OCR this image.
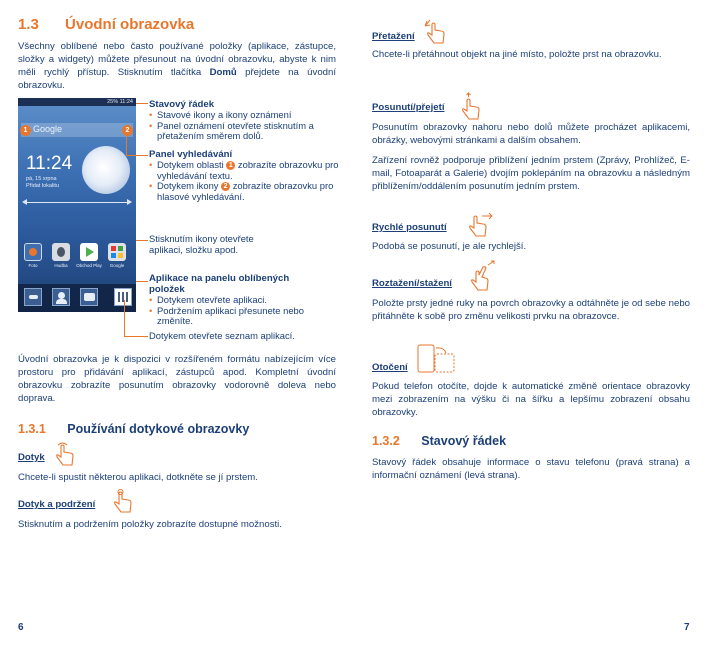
1.3 Úvodní obrazovka
Všechny oblíbené nebo často používané položky (aplikace, zástupce, složky a widgety) můžete přesunout na úvodní obrazovku, abyste k nim měli rychlý přístup. Stisknutím tlačítka Domů přejdete na úvodní obrazovku.
25% 11:24
Google
1	2
11:24
pá, 15 srpna
Přidat lokalitu
Foto	Hudba	Obchod Play	Google
Stavový řádek
• Stavové ikony a ikony oznámení
• Panel oznámení otevřete stisknutím a přetažením směrem dolů.
Panel vyhledávání
• Dotykem oblasti 1 zobrazíte obrazovku pro vyhledávání textu.
• Dotykem ikony 2 zobrazíte obrazovku pro hlasové vyhledávání.
Stisknutím ikony otevřete aplikaci, složku apod.
Aplikace na panelu oblíbených položek
• Dotykem otevřete aplikaci.
• Podržením aplikaci přesunete nebo změníte.
Dotykem otevřete seznam aplikací.
Úvodní obrazovka je k dispozici v rozšířeném formátu nabízejícím více prostoru pro přidávání aplikací, zástupců apod. Kompletní úvodní obrazovku zobrazíte posunutím obrazovky vodorovně doleva nebo doprava.
1.3.1 Používání dotykové obrazovky
Dotyk
Chcete-li spustit některou aplikaci, dotkněte se jí prstem.
Dotyk a podržení
Stisknutím a podržením položky zobrazíte dostupné možnosti.
6
Přetažení
Chcete-li přetáhnout objekt na jiné místo, položte prst na obrazovku.
Posunutí/přejetí
Posunutím obrazovky nahoru nebo dolů můžete procházet aplikacemi, obrázky, webovými stránkami a dalším obsahem.
Zařízení rovněž podporuje přiblížení jedním prstem (Zprávy, Prohlížeč, E-mail, Fotoaparát a Galerie) dvojím poklepáním na obrazovku a následným přiblížením/oddálením posunutím jedním prstem.
Rychlé posunutí
Podobá se posunutí, je ale rychlejší.
Roztažení/stažení
Položte prsty jedné ruky na povrch obrazovky a odtáhněte je od sebe nebo přitáhněte k sobě pro změnu velikosti prvku na obrazovce.
Otočení
Pokud telefon otočíte, dojde k automatické změně orientace obrazovky mezi zobrazením na výšku či na šířku a lepšímu zobrazení obsahu obrazovky.
1.3.2 Stavový řádek
Stavový řádek obsahuje informace o stavu telefonu (pravá strana) a informační oznámení (levá strana).
7
